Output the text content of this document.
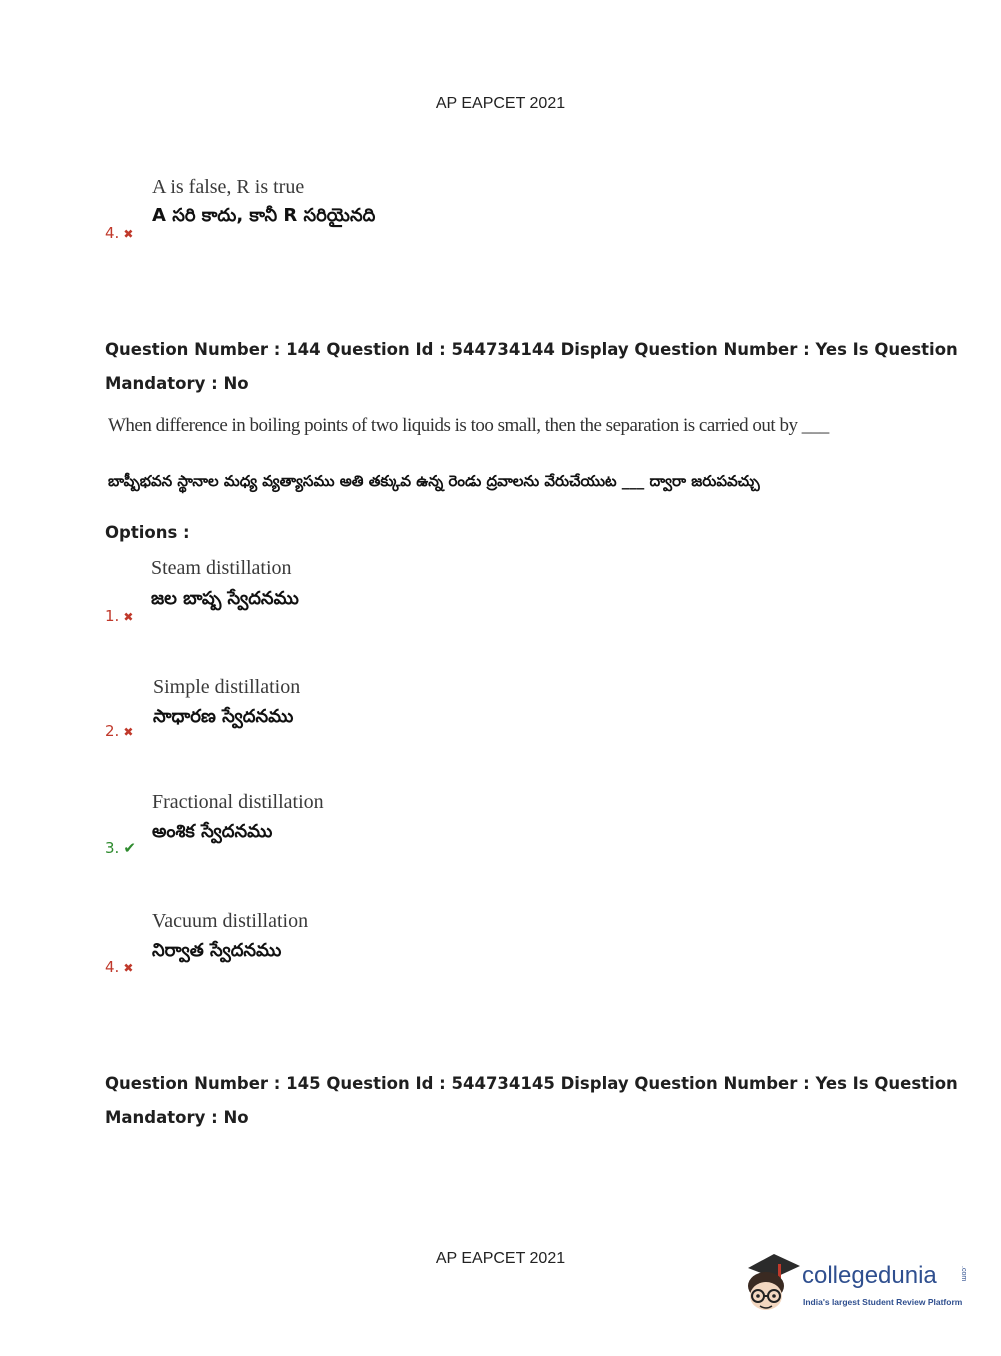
AP EAPCET 2021
A is false, R is true
A సరి కాదు, కానీ R సరియైనది
4. ✖
Question Number : 144 Question Id : 544734144 Display Question Number : Yes Is Question
Mandatory : No
When difference in boiling points of two liquids is too small, then the separation is carried out by ___
బాష్పీభవన స్థానాల మధ్య వ్యత్యాసము అతి తక్కువ ఉన్న రెండు ద్రవాలను వేరుచేయుట ___ ద్వారా జరుపవచ్చు
Options :
Steam distillation
జల బాష్ప స్వేదనము
1. ✖
Simple distillation
సాధారణ స్వేదనము
2. ✖
Fractional distillation
అంశిక స్వేదనము
3. ✔
Vacuum distillation
నిర్వాత స్వేదనము
4. ✖
Question Number : 145 Question Id : 544734145 Display Question Number : Yes Is Question
Mandatory : No
AP EAPCET 2021
collegedunia	.com
India's largest Student Review Platform
